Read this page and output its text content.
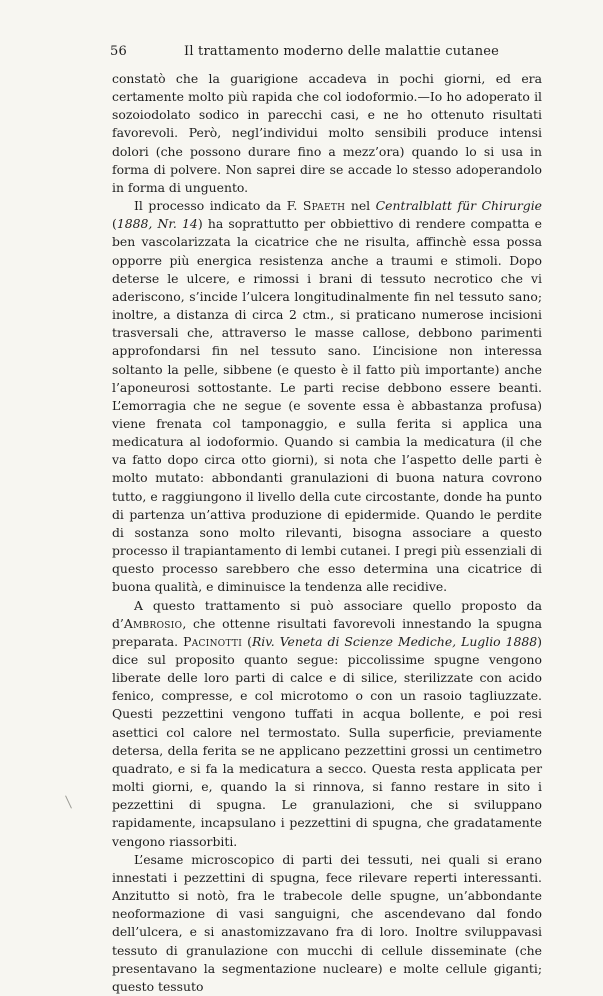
56	Il trattamento moderno delle malattie cutanee

constatò che la guarigione accadeva in pochi giorni, ed era certamente molto più rapida che col iodoformio.—Io ho adoperato il sozoiodolato sodico in parecchi casi, e ne ho ottenuto risultati favorevoli. Però, negl’individui molto sensibili produce intensi dolori (che possono durare fino a mezz’ora) quando lo si usa in forma di polvere. Non saprei dire se accade lo stesso adoperandolo in forma di unguento.

Il processo indicato da F. Spaeth nel Centralblatt für Chirurgie (1888, Nr. 14) ha soprattutto per obbiettivo di rendere compatta e ben vascolarizzata la cicatrice che ne risulta, affinchè essa possa opporre più energica resistenza anche a traumi e stimoli. Dopo deterse le ulcere, e rimossi i brani di tessuto necrotico che vi aderiscono, s’incide l’ulcera longitudinalmente fin nel tessuto sano; inoltre, a distanza di circa 2 ctm., si praticano numerose incisioni trasversali che, attraverso le masse callose, debbono parimenti approfondarsi fin nel tessuto sano. L’incisione non interessa soltanto la pelle, sibbene (e questo è il fatto più importante) anche l’aponeurosi sottostante. Le parti recise debbono essere beanti. L’emorragia che ne segue (e sovente essa è abbastanza profusa) viene frenata col tamponaggio, e sulla ferita si applica una medicatura al iodoformio. Quando si cambia la medicatura (il che va fatto dopo circa otto giorni), si nota che l’aspetto delle parti è molto mutato: abbondanti granulazioni di buona natura covrono tutto, e raggiungono il livello della cute circostante, donde ha punto di partenza un’attiva produzione di epidermide. Quando le perdite di sostanza sono molto rilevanti, bisogna associare a questo processo il trapiantamento di lembi cutanei. I pregi più essenziali di questo processo sarebbero che esso determina una cicatrice di buona qualità, e diminuisce la tendenza alle recidive.

A questo trattamento si può associare quello proposto da d’Ambrosio, che ottenne risultati favorevoli innestando la spugna preparata. Pacinotti (Riv. Veneta di Scienze Mediche, Luglio 1888) dice sul proposito quanto segue: piccolissime spugne vengono liberate delle loro parti di calce e di silice, sterilizzate con acido fenico, compresse, e col microtomo o con un rasoio tagliuzzate. Questi pezzettini vengono tuffati in acqua bollente, e poi resi asettici col calore nel termostato. Sulla superficie, previamente detersa, della ferita se ne applicano pezzettini grossi un centimetro quadrato, e si fa la medicatura a secco. Questa resta applicata per molti giorni, e, quando la si rinnova, si fanno restare in sito i pezzettini di spugna. Le granulazioni, che si sviluppano rapidamente, incapsulano i pezzettini di spugna, che gradatamente vengono riassorbiti.

L’esame microscopico di parti dei tessuti, nei quali si erano innestati i pezzettini di spugna, fece rilevare reperti interessanti. Anzitutto si notò, fra le trabecole delle spugne, un’abbondante neoformazione di vasi sanguigni, che ascendevano dal fondo dell’ulcera, e si anastomizzavano fra di loro. Inoltre sviluppavasi tessuto di granulazione con mucchi di cellule disseminate (che presentavano la segmentazione nucleare) e molte cellule giganti; questo tessuto
